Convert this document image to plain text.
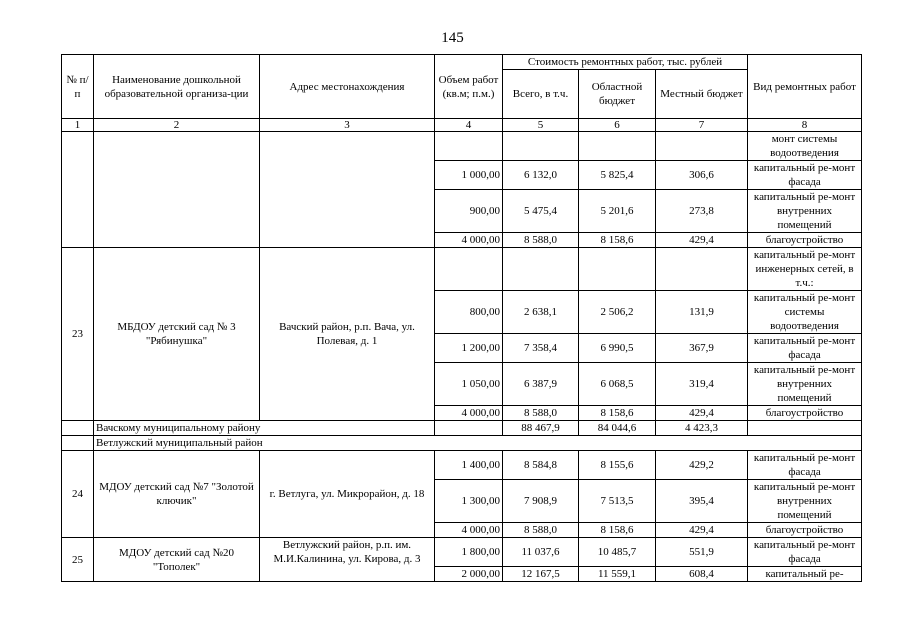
145
№ п/п	Наименование дошкольной образовательной организа-ции	Адрес местонахождения	Объем работ (кв.м; п.м.)	Стоимость ремонтных работ, тыс. рублей			Вид ремонтных работ
				Всего, в т.ч.	Областной бюджет	Местный бюджет	
1	2	3	4	5	6	7	8
							монт системы водоотведения
			1 000,00	6 132,0	5 825,4	306,6	капитальный ре-монт фасада
			900,00	5 475,4	5 201,6	273,8	капитальный ре-монт внутренних помещений
			4 000,00	8 588,0	8 158,6	429,4	благоустройство
23	МБДОУ детский сад № 3 "Рябинушка"	Вачский район, р.п. Вача, ул. Полевая, д. 1					капитальный ре-монт инженерных сетей, в т.ч.:
			800,00	2 638,1	2 506,2	131,9	капитальный ре-монт системы водоотведения
			1 200,00	7 358,4	6 990,5	367,9	капитальный ре-монт фасада
			1 050,00	6 387,9	6 068,5	319,4	капитальный ре-монт внутренних помещений
			4 000,00	8 588,0	8 158,6	429,4	благоустройство
	Вачскому муниципальному району			88 467,9	84 044,6	4 423,3	
	Ветлужский муниципальный район						
24	МДОУ детский сад №7 "Золотой ключик"	г. Ветлуга, ул. Микрорайон, д. 18	1 400,00	8 584,8	8 155,6	429,2	капитальный ре-монт фасада
			1 300,00	7 908,9	7 513,5	395,4	капитальный ре-монт внутренних помещений
			4 000,00	8 588,0	8 158,6	429,4	благоустройство
25	МДОУ детский сад №20 "Тополек"	Ветлужский район, р.п. им. М.И.Калинина, ул. Кирова, д. 3	1 800,00	11 037,6	10 485,7	551,9	капитальный ре-монт фасада
			2 000,00	12 167,5	11 559,1	608,4	капитальный ре-
